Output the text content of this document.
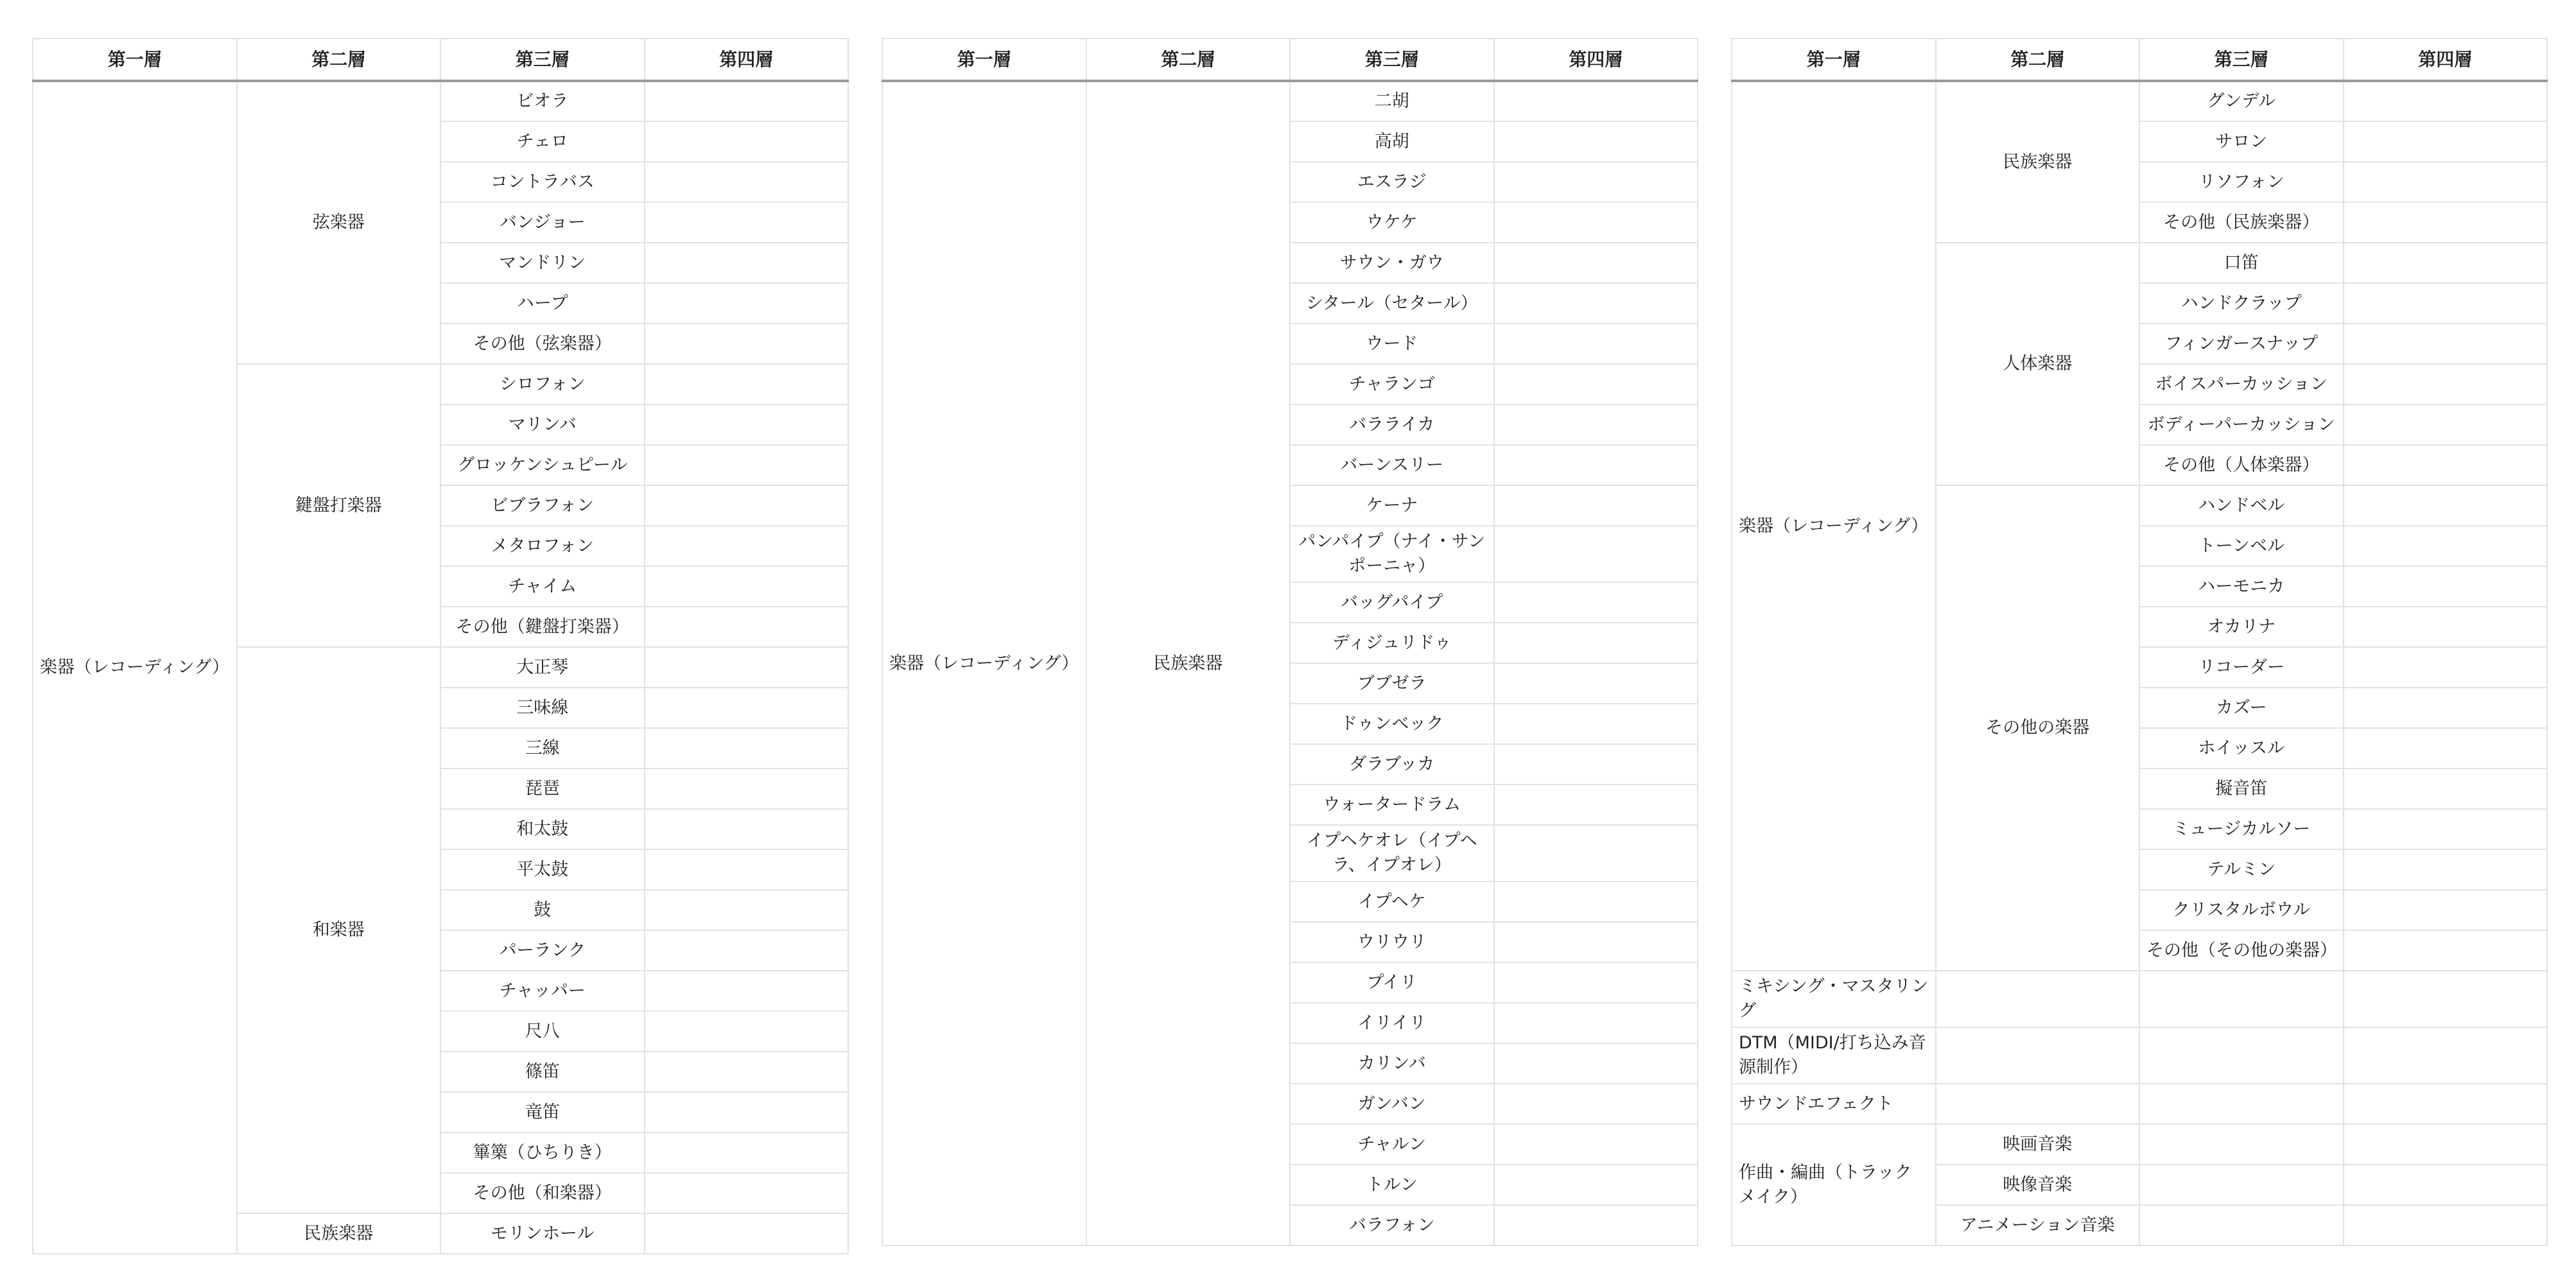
第一層	第二層	第三層	第四層
楽器（レコーディング）	弦楽器	ビオラ	
		チェロ	
		コントラバス	
		バンジョー	
		マンドリン	
		ハープ	
		その他（弦楽器）	
	鍵盤打楽器	シロフォン	
		マリンバ	
		グロッケンシュピール	
		ビブラフォン	
		メタロフォン	
		チャイム	
		その他（鍵盤打楽器）	
	和楽器	大正琴	
		三味線	
		三線	
		琵琶	
		和太鼓	
		平太鼓	
		鼓	
		パーランク	
		チャッパー	
		尺八	
		篠笛	
		竜笛	
		篳篥（ひちりき）	
		その他（和楽器）	
	民族楽器	モリンホール	
第一層	第二層	第三層	第四層
楽器（レコーディング）	民族楽器	二胡	
		高胡	
		エスラジ	
		ウケケ	
		サウン・ガウ	
		シタール（セタール）	
		ウード	
		チャランゴ	
		バラライカ	
		バーンスリー	
		ケーナ	
		パンパイプ（ナイ・サンポーニャ）	
		バッグパイプ	
		ディジュリドゥ	
		ブブゼラ	
		ドゥンベック	
		ダラブッカ	
		ウォータードラム	
		イプヘケオレ（イプヘラ、イプオレ）	
		イプヘケ	
		ウリウリ	
		プイリ	
		イリイリ	
		カリンバ	
		ガンバン	
		チャルン	
		トルン	
		バラフォン	
第一層	第二層	第三層	第四層
楽器（レコーディング）	民族楽器	グンデル	
		サロン	
		リソフォン	
		その他（民族楽器）	
	人体楽器	口笛	
		ハンドクラップ	
		フィンガースナップ	
		ボイスパーカッション	
		ボディーパーカッション	
		その他（人体楽器）	
	その他の楽器	ハンドベル	
		トーンベル	
		ハーモニカ	
		オカリナ	
		リコーダー	
		カズー	
		ホイッスル	
		擬音笛	
		ミュージカルソー	
		テルミン	
		クリスタルボウル	
		その他（その他の楽器）	
ミキシング・マスタリング			
DTM（MIDI/打ち込み音源制作）			
サウンドエフェクト			
作曲・編曲（トラックメイク）	映画音楽		
	映像音楽		
	アニメーション音楽		
